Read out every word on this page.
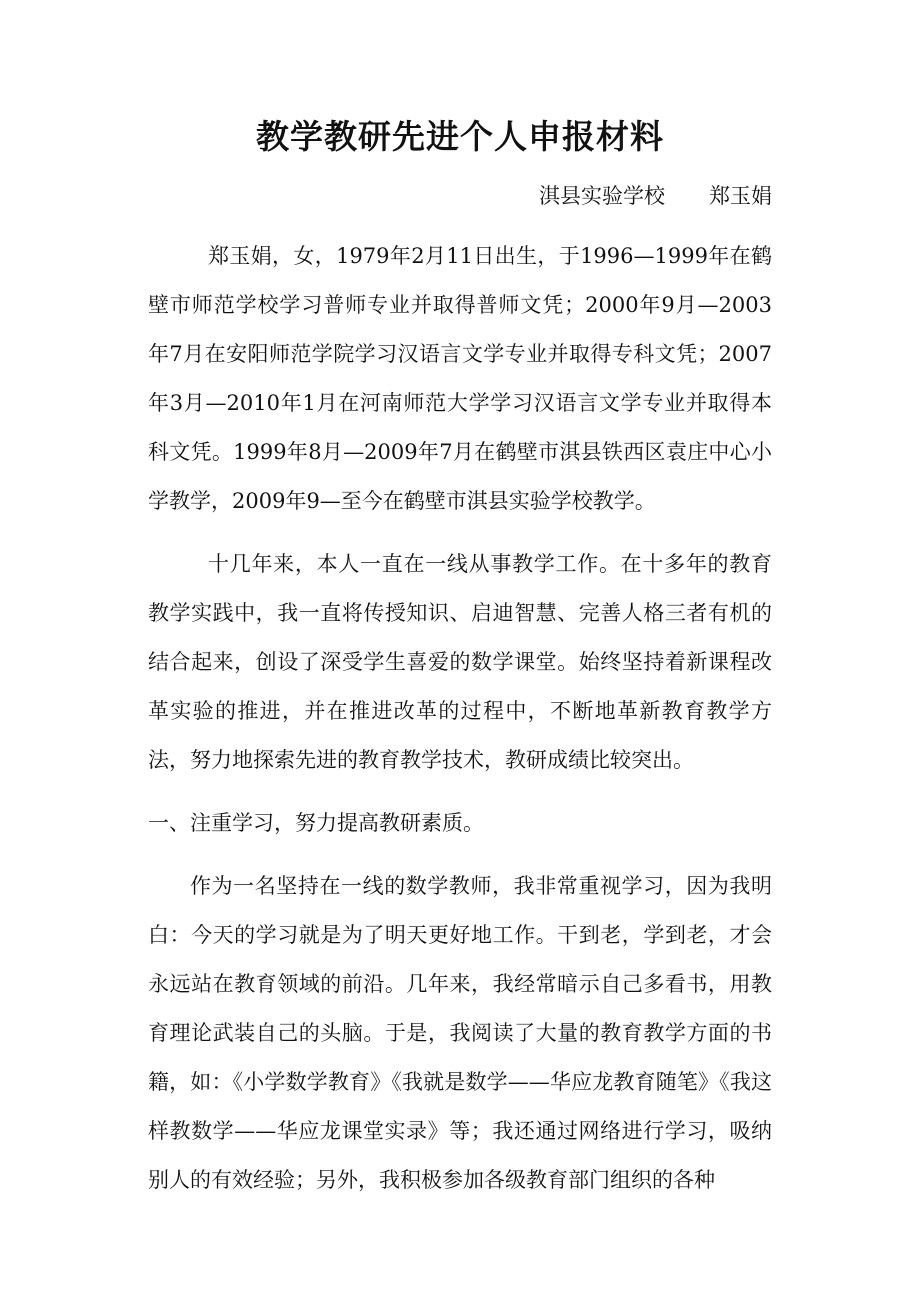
教学教研先进个人申报材料
淇县实验学校 郑玉娟

郑玉娟，女，1979年2月11日出生，于1996—1999年在鹤壁市师范学校学习普师专业并取得普师文凭；2000年9月—2003年7月在安阳师范学院学习汉语言文学专业并取得专科文凭；2007年3月—2010年1月在河南师范大学学习汉语言文学专业并取得本科文凭。1999年8月—2009年7月在鹤壁市淇县铁西区袁庄中心小学教学，2009年9—至今在鹤壁市淇县实验学校教学。

十几年来，本人一直在一线从事教学工作。在十多年的教育教学实践中，我一直将传授知识、启迪智慧、完善人格三者有机的结合起来，创设了深受学生喜爱的数学课堂。始终坚持着新课程改革实验的推进，并在推进改革的过程中，不断地革新教育教学方法，努力地探索先进的教育教学技术，教研成绩比较突出。

一、注重学习，努力提高教研素质。

作为一名坚持在一线的数学教师，我非常重视学习，因为我明白：今天的学习就是为了明天更好地工作。干到老，学到老，才会永远站在教育领域的前沿。几年来，我经常暗示自己多看书，用教育理论武装自己的头脑。于是，我阅读了大量的教育教学方面的书籍，如：《小学数学教育》《我就是数学——华应龙教育随笔》《我这样教数学——华应龙课堂实录》等；我还通过网络进行学习，吸纳别人的有效经验；另外，我积极参加各级教育部门组织的各种
